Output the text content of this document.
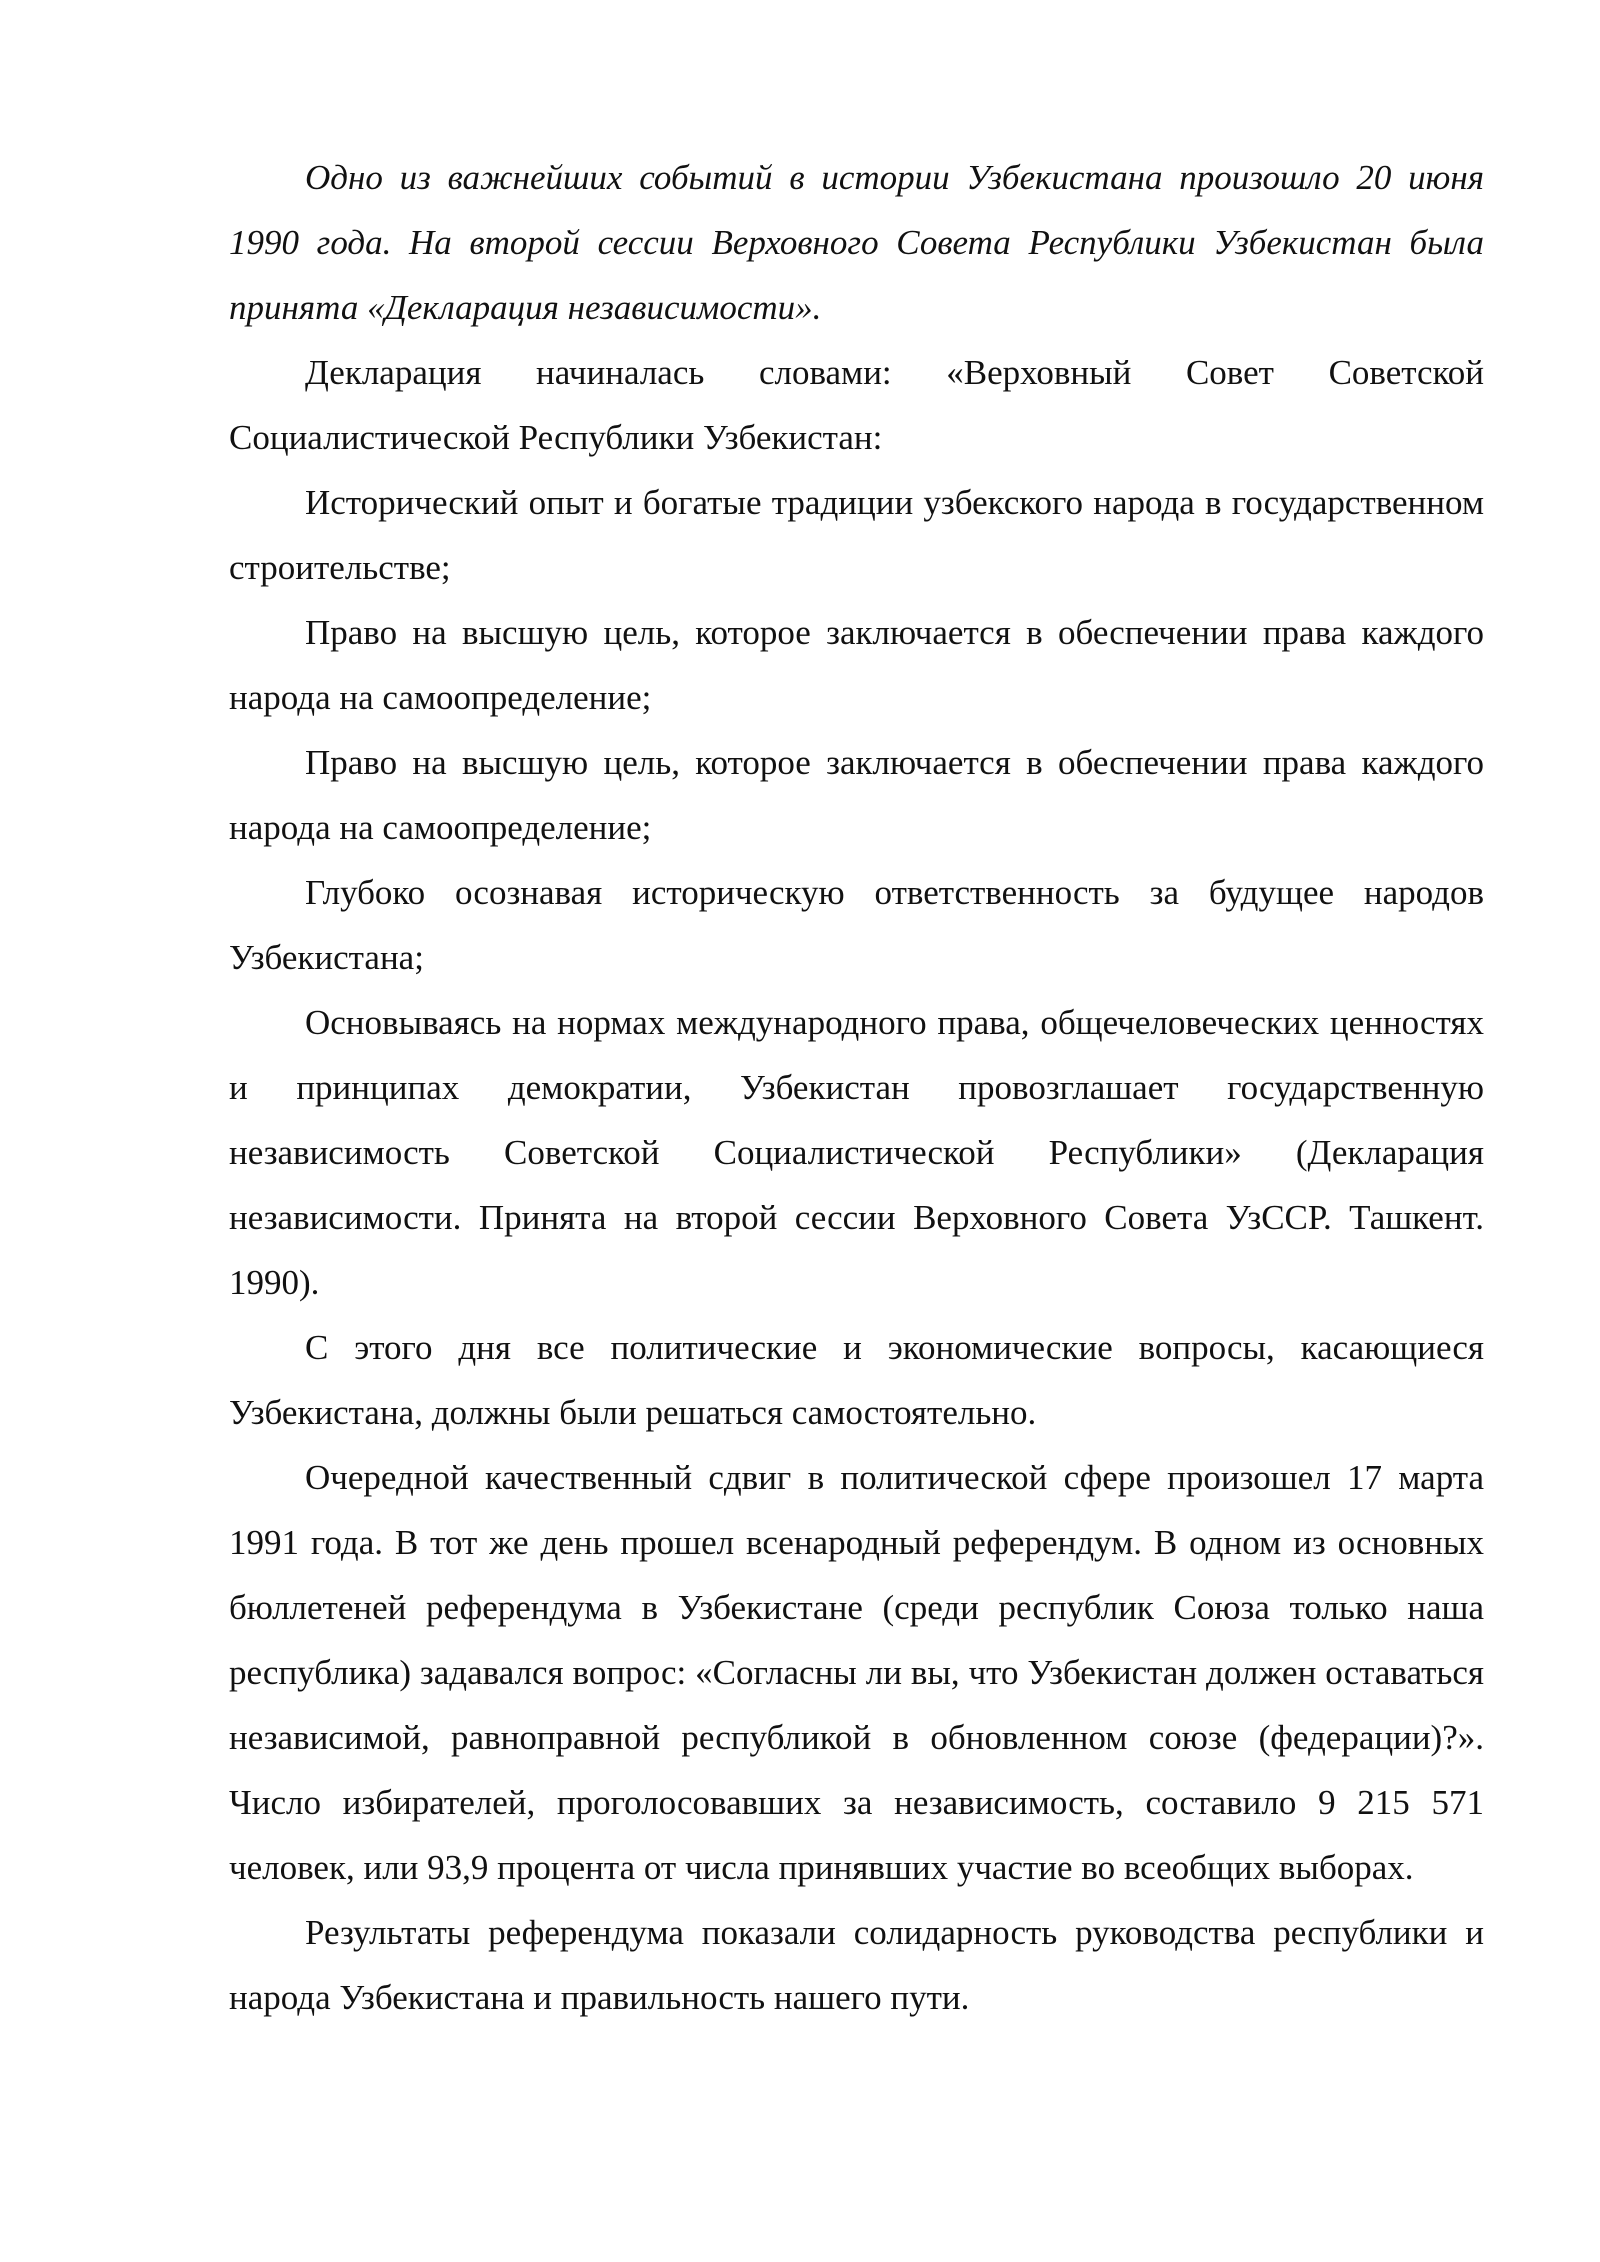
Одно из важнейших событий в истории Узбекистана произошло 20 июня 1990 года. На второй сессии Верховного Совета Республики Узбекистан была принята «Декларация независимости».

Декларация начиналась словами: «Верховный Совет Советской Социалистической Республики Узбекистан:

Исторический опыт и богатые традиции узбекского народа в государственном строительстве;

Право на высшую цель, которое заключается в обеспечении права каждого народа на самоопределение;

Право на высшую цель, которое заключается в обеспечении права каждого народа на самоопределение;

Глубоко осознавая историческую ответственность за будущее народов Узбекистана;

Основываясь на нормах международного права, общечеловеческих ценностях и принципах демократии, Узбекистан провозглашает государственную независимость Советской Социалистической Республики» (Декларация независимости. Принята на второй сессии Верховного Совета УзССР. Ташкент. 1990).

С этого дня все политические и экономические вопросы, касающиеся Узбекистана, должны были решаться самостоятельно.

Очередной качественный сдвиг в политической сфере произошел 17 марта 1991 года. В тот же день прошел всенародный референдум. В одном из основных бюллетеней референдума в Узбекистане (среди республик Союза только наша республика) задавался вопрос: «Согласны ли вы, что Узбекистан должен оставаться независимой, равноправной республикой в обновленном союзе (федерации)?». Число избирателей, проголосовавших за независимость, составило 9 215 571 человек, или 93,9 процента от числа принявших участие во всеобщих выборах.

Результаты референдума показали солидарность руководства республики и народа Узбекистана и правильность нашего пути.
